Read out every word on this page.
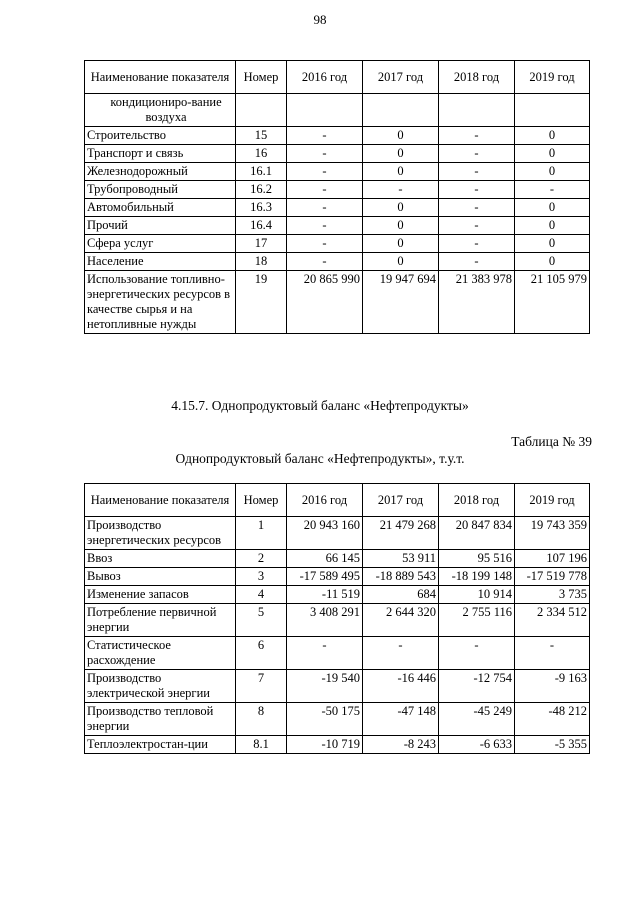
98
Наименование показателя	Номер	2016 год	2017 год	2018 год	2019 год
кондициониро-вание воздуха					
Строительство	15	-	0	-	0
Транспорт и связь	16	-	0	-	0
Железнодорожный	16.1	-	0	-	0
Трубопроводный	16.2	-	-	-	-
Автомобильный	16.3	-	0	-	0
Прочий	16.4	-	0	-	0
Сфера услуг	17	-	0	-	0
Население	18	-	0	-	0
Использование топливно-энергетических ресурсов в качестве сырья и на нетопливные нужды	19	20 865 990	19 947 694	21 383 978	21 105 979
4.15.7. Однопродуктовый баланс «Нефтепродукты»
Таблица № 39
Однопродуктовый баланс «Нефтепродукты», т.у.т.
Наименование показателя	Номер	2016 год	2017 год	2018 год	2019 год
Производство энергетических ресурсов	1	20 943 160	21 479 268	20 847 834	19 743 359
Ввоз	2	66 145	53 911	95 516	107 196
Вывоз	3	-17 589 495	-18 889 543	-18 199 148	-17 519 778
Изменение запасов	4	-11 519	684	10 914	3 735
Потребление первичной энергии	5	3 408 291	2 644 320	2 755 116	2 334 512
Статистическое расхождение	6	-	-	-	-
Производство электрической энергии	7	-19 540	-16 446	-12 754	-9 163
Производство тепловой энергии	8	-50 175	-47 148	-45 249	-48 212
Теплоэлектростан-ции	8.1	-10 719	-8 243	-6 633	-5 355
